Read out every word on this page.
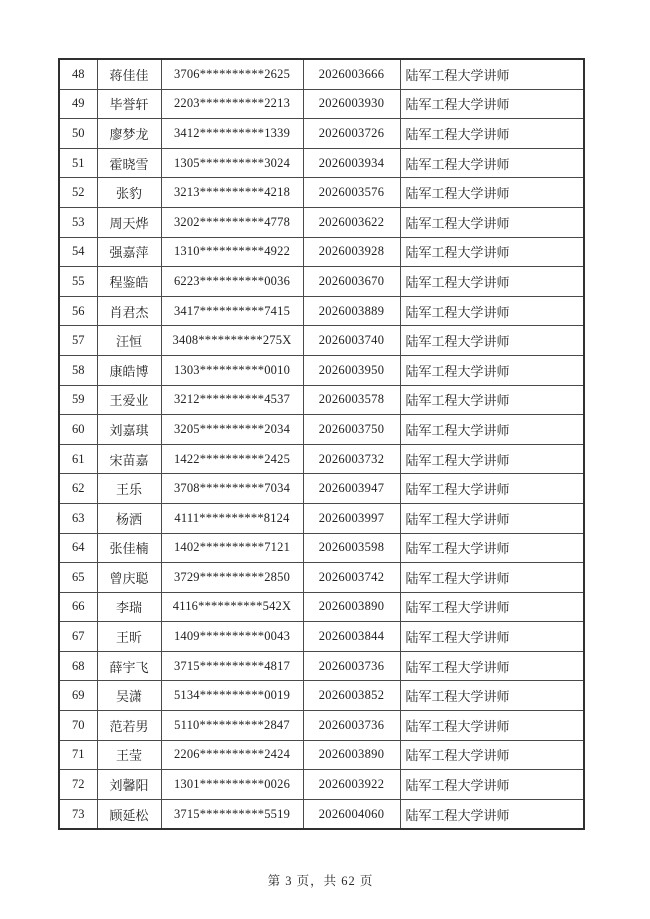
48	蒋佳佳	3706**********2625	2026003666	陆军工程大学讲师
49	毕誉轩	2203**********2213	2026003930	陆军工程大学讲师
50	廖梦龙	3412**********1339	2026003726	陆军工程大学讲师
51	霍晓雪	1305**********3024	2026003934	陆军工程大学讲师
52	张豹	3213**********4218	2026003576	陆军工程大学讲师
53	周天烨	3202**********4778	2026003622	陆军工程大学讲师
54	强嘉萍	1310**********4922	2026003928	陆军工程大学讲师
55	程鉴皓	6223**********0036	2026003670	陆军工程大学讲师
56	肖君杰	3417**********7415	2026003889	陆军工程大学讲师
57	汪恒	3408**********275X	2026003740	陆军工程大学讲师
58	康皓博	1303**********0010	2026003950	陆军工程大学讲师
59	王爱业	3212**********4537	2026003578	陆军工程大学讲师
60	刘嘉琪	3205**********2034	2026003750	陆军工程大学讲师
61	宋苗嘉	1422**********2425	2026003732	陆军工程大学讲师
62	王乐	3708**********7034	2026003947	陆军工程大学讲师
63	杨洒	4111**********8124	2026003997	陆军工程大学讲师
64	张佳楠	1402**********7121	2026003598	陆军工程大学讲师
65	曾庆聪	3729**********2850	2026003742	陆军工程大学讲师
66	李瑞	4116**********542X	2026003890	陆军工程大学讲师
67	王昕	1409**********0043	2026003844	陆军工程大学讲师
68	薛宇飞	3715**********4817	2026003736	陆军工程大学讲师
69	吴潇	5134**********0019	2026003852	陆军工程大学讲师
70	范若男	5110**********2847	2026003736	陆军工程大学讲师
71	王莹	2206**********2424	2026003890	陆军工程大学讲师
72	刘馨阳	1301**********0026	2026003922	陆军工程大学讲师
73	顾延松	3715**********5519	2026004060	陆军工程大学讲师
第 3 页，共 62 页
